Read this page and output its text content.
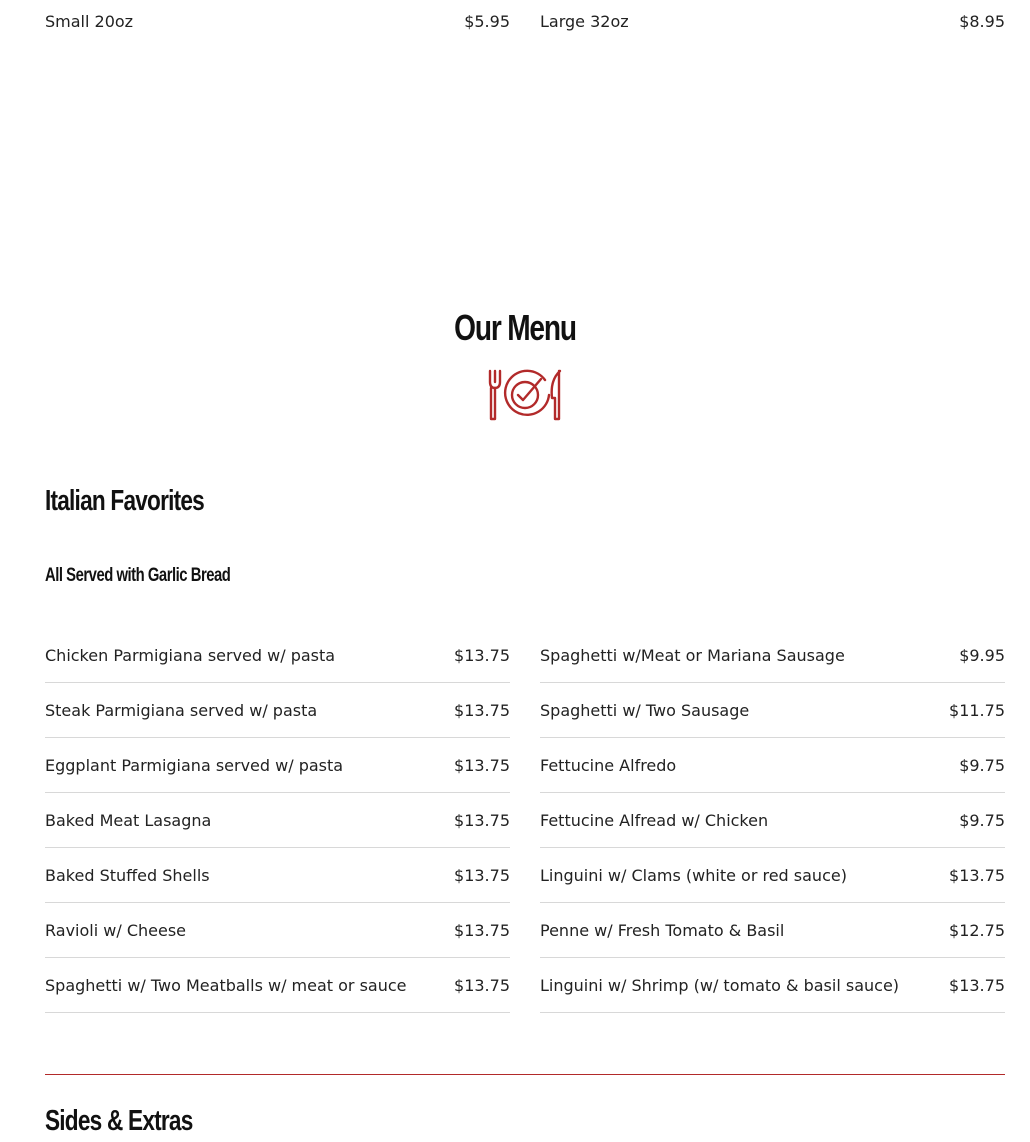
Small 20oz	$5.95 Large 32oz	$8.95
Our Menu
Italian Favorites
All Served with Garlic Bread
Chicken Parmigiana served w/ pasta	$13.75
Steak Parmigiana served w/ pasta	$13.75
Eggplant Parmigiana served w/ pasta	$13.75
Baked Meat Lasagna	$13.75
Baked Stuffed Shells	$13.75
Ravioli w/ Cheese	$13.75
Spaghetti w/ Two Meatballs w/ meat or sauce	$13.75
Spaghetti w/Meat or Mariana Sausage	$9.95
Spaghetti w/ Two Sausage	$11.75
Fettucine Alfredo	$9.75
Fettucine Alfread w/ Chicken	$9.75
Linguini w/ Clams (white or red sauce)	$13.75
Penne w/ Fresh Tomato & Basil	$12.75
Linguini w/ Shrimp (w/ tomato & basil sauce)	$13.75
Sides & Extras
